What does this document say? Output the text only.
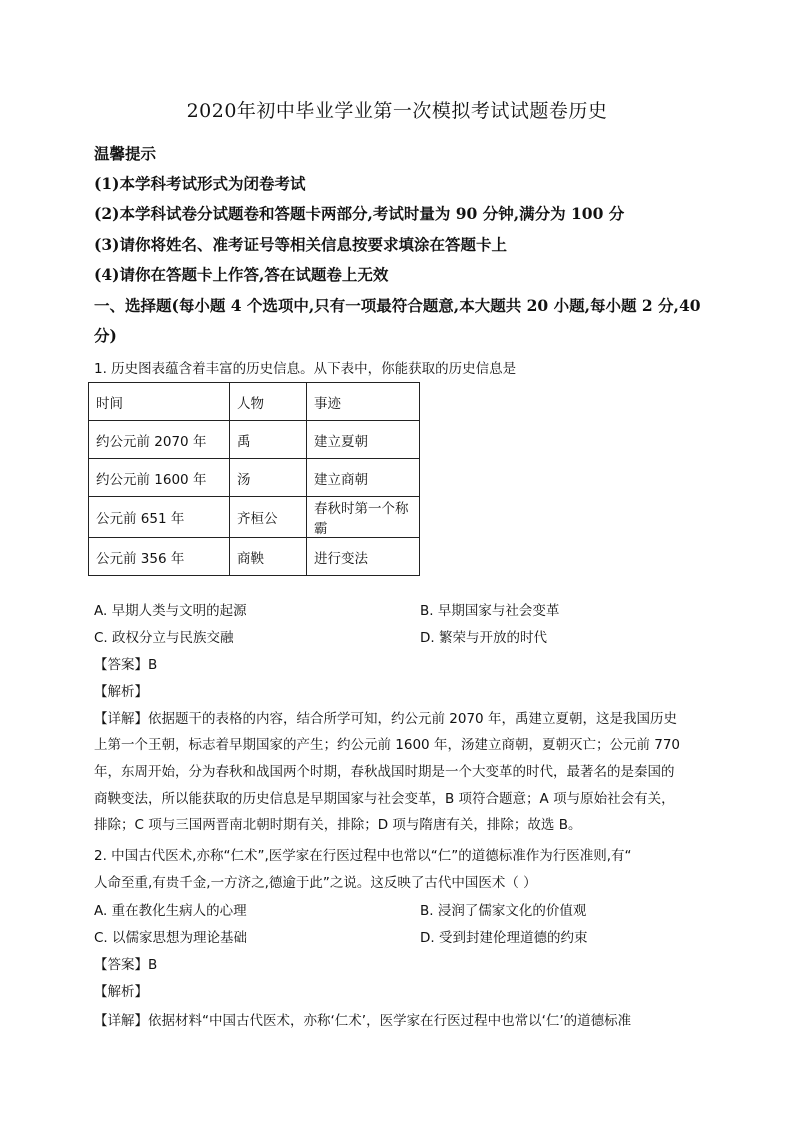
2020年初中毕业学业第一次模拟考试试题卷历史
温馨提示
(1)本学科考试形式为闭卷考试
(2)本学科试卷分试题卷和答题卡两部分,考试时量为 90 分钟,满分为 100 分
(3)请你将姓名、准考证号等相关信息按要求填涂在答题卡上
(4)请你在答题卡上作答,答在试题卷上无效
一、选择题(每小题 4 个选项中,只有一项最符合题意,本大题共 20 小题,每小题 2 分,40
分)
1. 历史图表蕴含着丰富的历史信息。从下表中，你能获取的历史信息是
时间	人物	事迹
约公元前 2070 年	禹	建立夏朝
约公元前 1600 年	汤	建立商朝
公元前 651 年	齐桓公	春秋时第一个称霸
公元前 356 年	商鞅	进行变法
A. 早期人类与文明的起源	B. 早期国家与社会变革
C. 政权分立与民族交融	D. 繁荣与开放的时代
【答案】B
【解析】
【详解】依据题干的表格的内容，结合所学可知，约公元前 2070 年，禹建立夏朝，这是我国历史
上第一个王朝，标志着早期国家的产生；约公元前 1600 年，汤建立商朝，夏朝灭亡；公元前 770
年，东周开始，分为春秋和战国两个时期，春秋战国时期是一个大变革的时代，最著名的是秦国的
商鞅变法，所以能获取的历史信息是早期国家与社会变革，B 项符合题意；A 项与原始社会有关，
排除；C 项与三国两晋南北朝时期有关，排除；D 项与隋唐有关，排除；故选 B。
2. 中国古代医术,亦称“仁术”,医学家在行医过程中也常以“仁”的道德标准作为行医准则,有“
人命至重,有贵千金,一方济之,德逾于此”之说。这反映了古代中国医术（ ）
A. 重在教化生病人的心理	B. 浸润了儒家文化的价值观
C. 以儒家思想为理论基础	D. 受到封建伦理道德的约束
【答案】B
【解析】
【详解】依据材料“中国古代医术，亦称‘仁术’，医学家在行医过程中也常以‘仁’的道德标准
